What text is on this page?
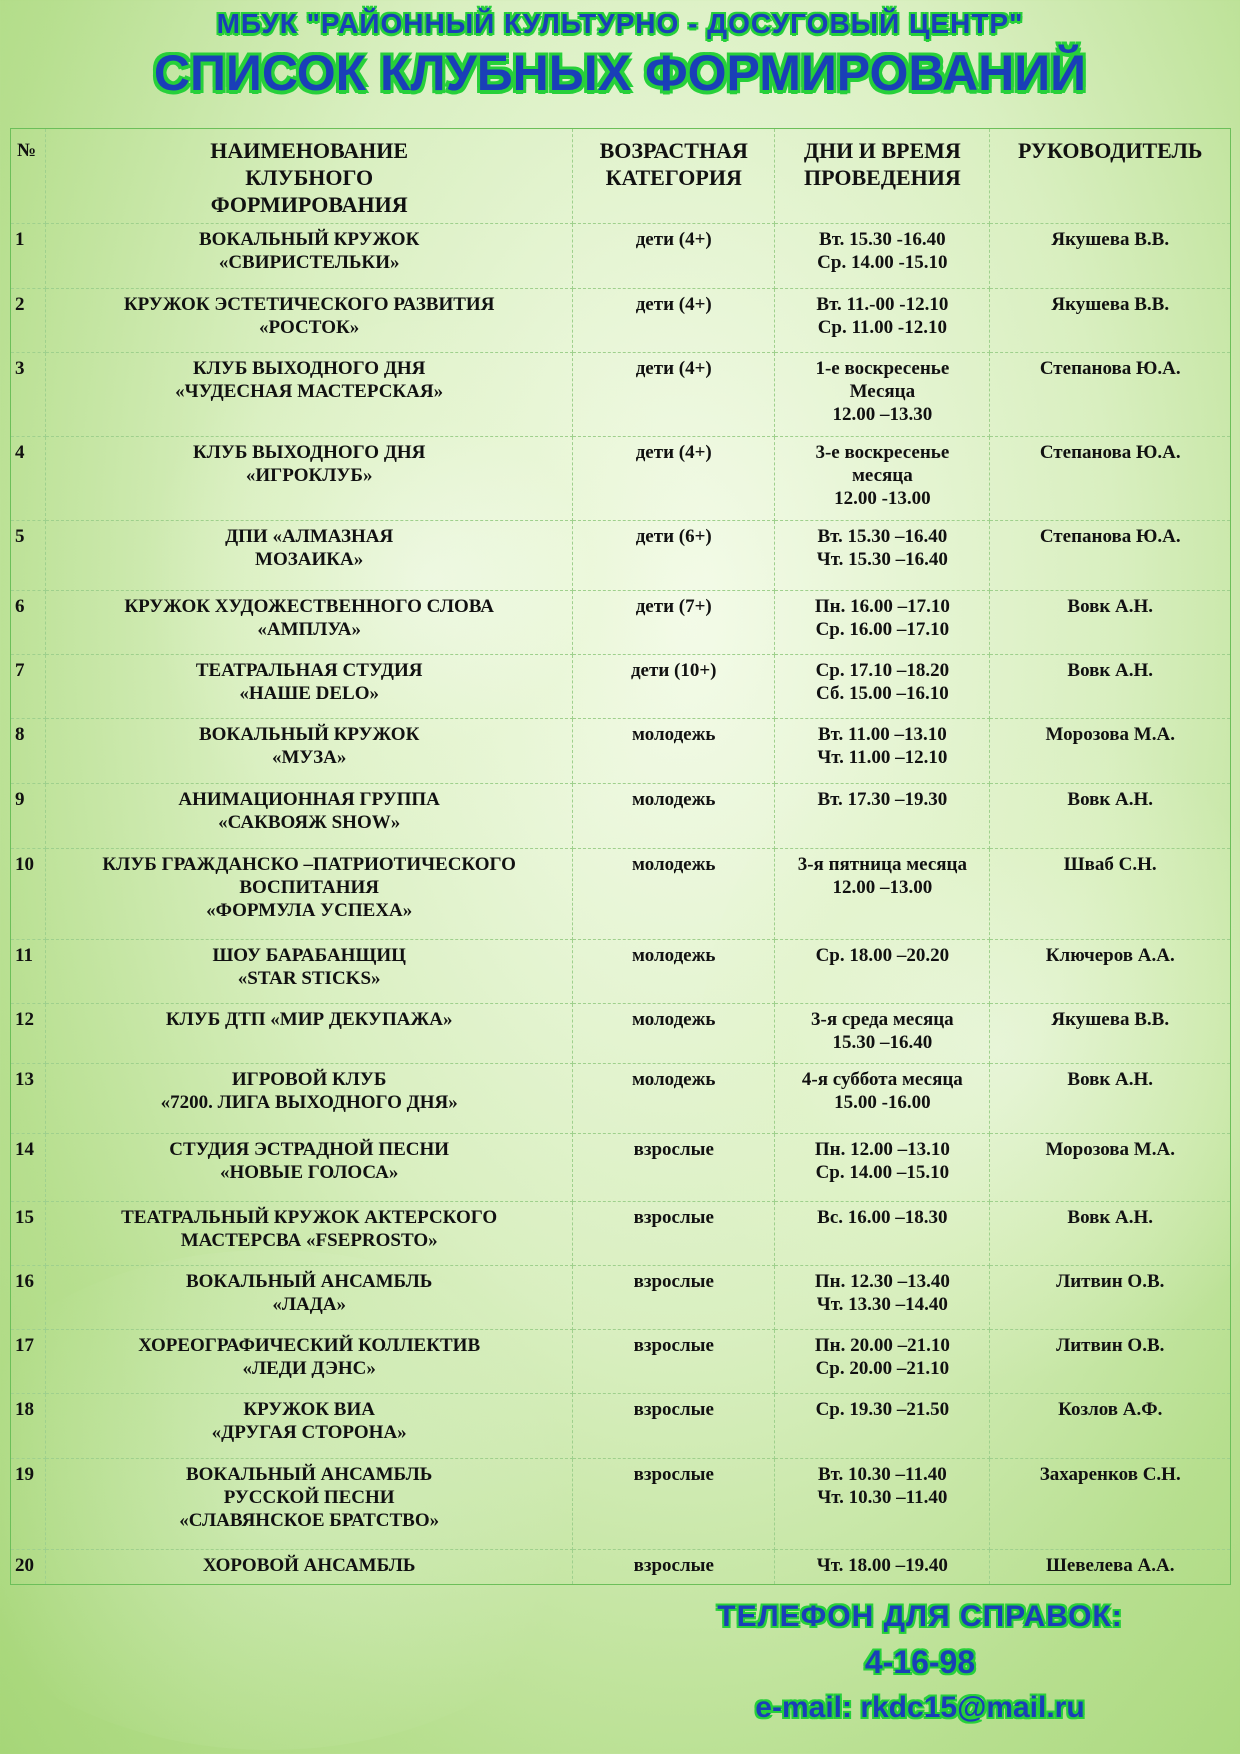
МБУК "РАЙОННЫЙ КУЛЬТУРНО - ДОСУГОВЫЙ ЦЕНТР"
СПИСОК КЛУБНЫХ ФОРМИРОВАНИЙ
№	НАИМЕНОВАНИЕ
КЛУБНОГО
ФОРМИРОВАНИЯ	ВОЗРАСТНАЯ
КАТЕГОРИЯ	ДНИ И ВРЕМЯ
ПРОВЕДЕНИЯ	РУКОВОДИТЕЛЬ
1	ВОКАЛЬНЫЙ КРУЖОК
«СВИРИСТЕЛЬКИ»	дети (4+)	Вт. 15.30 -16.40
Ср. 14.00 -15.10	Якушева В.В.
2	КРУЖОК ЭСТЕТИЧЕСКОГО РАЗВИТИЯ
«РОСТОК»	дети (4+)	Вт. 11.-00 -12.10
Ср. 11.00 -12.10	Якушева В.В.
3	КЛУБ ВЫХОДНОГО ДНЯ
«ЧУДЕСНАЯ МАСТЕРСКАЯ»	дети (4+)	1-е воскресенье
Месяца
12.00 –13.30	Степанова Ю.А.
4	КЛУБ ВЫХОДНОГО ДНЯ
«ИГРОКЛУБ»	дети (4+)	3-е воскресенье
месяца
12.00 -13.00	Степанова Ю.А.
5	ДПИ «АЛМАЗНАЯ
МОЗАИКА»	дети (6+)	Вт. 15.30 –16.40
Чт. 15.30 –16.40	Степанова Ю.А.
6	КРУЖОК ХУДОЖЕСТВЕННОГО СЛОВА
«АМПЛУА»	дети (7+)	Пн. 16.00 –17.10
Ср. 16.00 –17.10	Вовк А.Н.
7	ТЕАТРАЛЬНАЯ СТУДИЯ
«НАШЕ DELO»	дети (10+)	Ср. 17.10 –18.20
Сб. 15.00 –16.10	Вовк А.Н.
8	ВОКАЛЬНЫЙ КРУЖОК
«МУЗА»	молодежь	Вт. 11.00 –13.10
Чт. 11.00 –12.10	Морозова М.А.
9	АНИМАЦИОННАЯ ГРУППА
«САКВОЯЖ SHOW»	молодежь	Вт. 17.30 –19.30	Вовк А.Н.
10	КЛУБ ГРАЖДАНСКО –ПАТРИОТИЧЕСКОГО
ВОСПИТАНИЯ
«ФОРМУЛА УСПЕХА»	молодежь	3-я пятница месяца
12.00 –13.00	Шваб С.Н.
11	ШОУ БАРАБАНЩИЦ
«STAR STICKS»	молодежь	Ср. 18.00 –20.20	Ключеров А.А.
12	КЛУБ ДТП «МИР ДЕКУПАЖА»	молодежь	3-я среда месяца
15.30 –16.40	Якушева В.В.
13	ИГРОВОЙ КЛУБ
«7200. ЛИГА ВЫХОДНОГО ДНЯ»	молодежь	4-я суббота месяца
15.00 -16.00	Вовк А.Н.
14	СТУДИЯ ЭСТРАДНОЙ ПЕСНИ
«НОВЫЕ ГОЛОСА»	взрослые	Пн. 12.00 –13.10
Ср. 14.00 –15.10	Морозова М.А.
15	ТЕАТРАЛЬНЫЙ КРУЖОК АКТЕРСКОГО
МАСТЕРСВА «FSEPROSTO»	взрослые	Вс. 16.00 –18.30	Вовк А.Н.
16	ВОКАЛЬНЫЙ АНСАМБЛЬ
«ЛАДА»	взрослые	Пн. 12.30 –13.40
Чт. 13.30 –14.40	Литвин О.В.
17	ХОРЕОГРАФИЧЕСКИЙ КОЛЛЕКТИВ
«ЛЕДИ ДЭНС»	взрослые	Пн. 20.00 –21.10
Ср. 20.00 –21.10	Литвин О.В.
18	КРУЖОК ВИА
«ДРУГАЯ СТОРОНА»	взрослые	Ср. 19.30 –21.50	Козлов А.Ф.
19	ВОКАЛЬНЫЙ АНСАМБЛЬ
РУССКОЙ ПЕСНИ
«СЛАВЯНСКОЕ БРАТСТВО»	взрослые	Вт. 10.30 –11.40
Чт. 10.30 –11.40	Захаренков С.Н.
20	ХОРОВОЙ АНСАМБЛЬ	взрослые	Чт. 18.00 –19.40	Шевелева А.А.
ТЕЛЕФОН ДЛЯ СПРАВОК:
4-16-98
e-mail: rkdc15@mail.ru
